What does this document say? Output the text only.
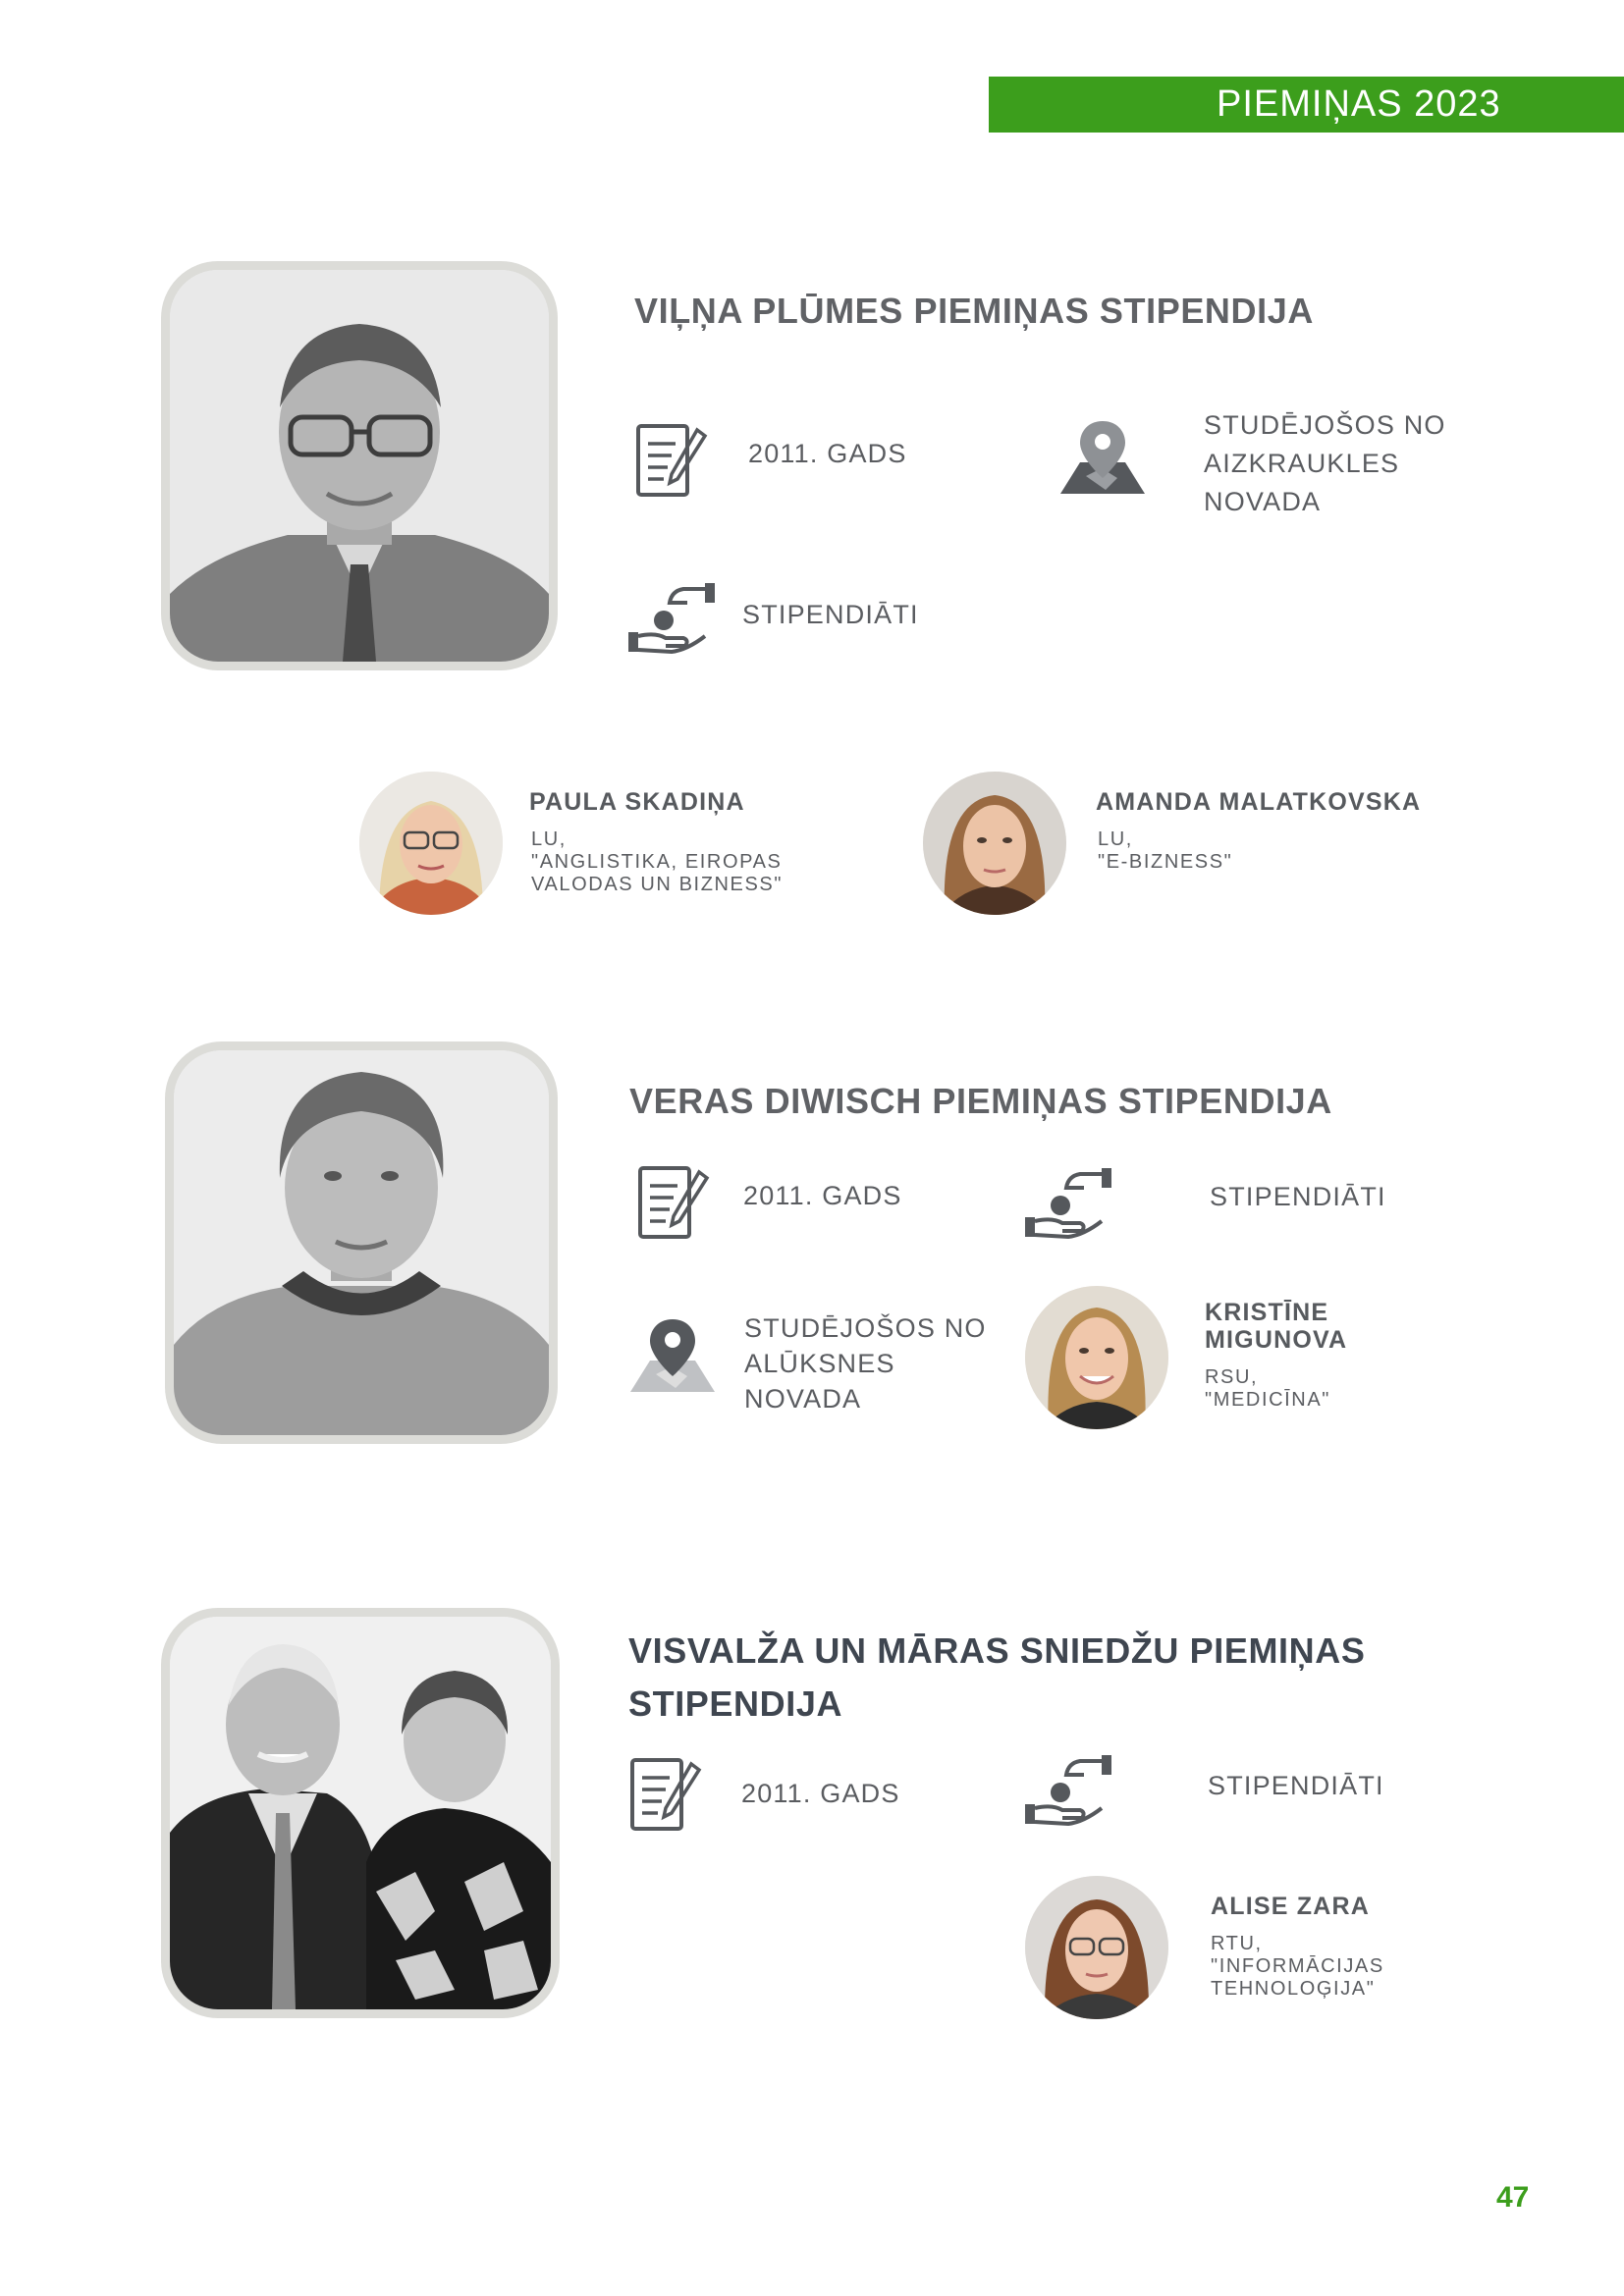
PIEMIŅAS 2023
VIĻŅA PLŪMES PIEMIŅAS STIPENDIJA
2011. GADS
STUDĒJOŠOS NO
AIZKRAUKLES
NOVADA
STIPENDIĀTI
PAULA SKADIŅA
LU,
"ANGLISTIKA, EIROPAS
VALODAS UN BIZNESS"
AMANDA MALATKOVSKA
LU,
"E-BIZNESS"
VERAS DIWISCH PIEMIŅAS STIPENDIJA
2011. GADS	STIPENDIĀTI
STUDĒJOŠOS NO
ALŪKSNES
NOVADA
KRISTĪNE
MIGUNOVA
RSU,
"MEDICĪNA"
VISVALŽA UN MĀRAS SNIEDŽU PIEMIŅAS
STIPENDIJA
2011. GADS	STIPENDIĀTI
ALISE ZARA
RTU,
"INFORMĀCIJAS
TEHNOLOĢIJA"
47
